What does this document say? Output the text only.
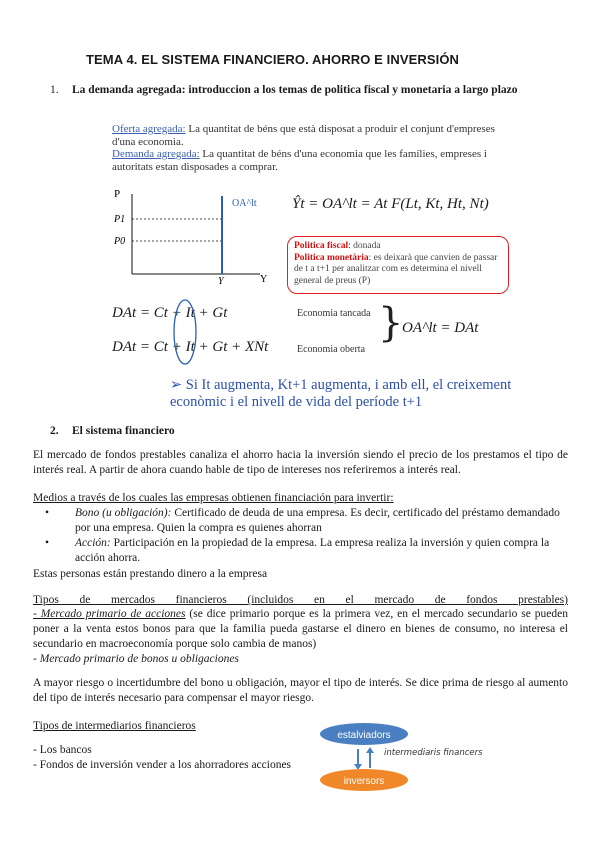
TEMA 4. EL SISTEMA FINANCIERO. AHORRO E INVERSIÓN
1. La demanda agregada: introduccion a los temas de politica fiscal y monetaria a largo plazo
Oferta agregada: La quantitat de béns que està disposat a produir el conjunt d'empreses d'una economia.
Demanda agregada: La quantitat de béns d'una economia que les famílies, empreses i autoritats estan disposades a comprar.
P
P1
P0
Y	Y
OA^lt Ŷt = OA^lt = At F(Lt, Kt, Ht, Nt)
Politica fiscal: donada
Politica monetària: es deixarà que canvien de passar de t a t+1 per analitzar com es determina el nivell general de preus (P)
DAt = Ct + It + Gt
DAt = Ct + It + Gt + XNt
Economia tancada
Economia oberta
}
OA^lt = DAt
➢ Si It augmenta, Kt+1 augmenta, i amb ell, el creixement econòmic i el nivell de vida del període t+1
2. El sistema financiero
El mercado de fondos prestables canaliza el ahorro hacia la inversión siendo el precio de los prestamos el tipo de interés real. A partir de ahora cuando hable de tipo de intereses nos referiremos a interés real.
Medios a través de los cuales las empresas obtienen financiación para invertir:
•	Bono (u obligación): Certificado de deuda de una empresa. Es decir, certificado del préstamo demandado por una empresa. Quien la compra es quienes ahorran
•	Acción: Participación en la propiedad de la empresa. La empresa realiza la inversión y quien compra la acción ahorra.
Estas personas están prestando dinero a la empresa
Tipos de mercados financieros (incluidos en el mercado de fondos prestables)
- Mercado primario de acciones (se dice primario porque es la primera vez, en el mercado secundario se pueden poner a la venta estos bonos para que la familia pueda gastarse el dinero en bienes de consumo, no interesa el secundario en macroeconomía porque solo cambia de manos)
- Mercado primario de bonos u obligaciones
A mayor riesgo o incertidumbre del bono u obligación, mayor el tipo de interés. Se dice prima de riesgo al aumento del tipo de interés necesario para compensar el mayor riesgo.
Tipos de intermediarios financieros
- Los bancos
- Fondos de inversión vender a los ahorradores acciones
estalviadors
intermediaris financers
inversors
